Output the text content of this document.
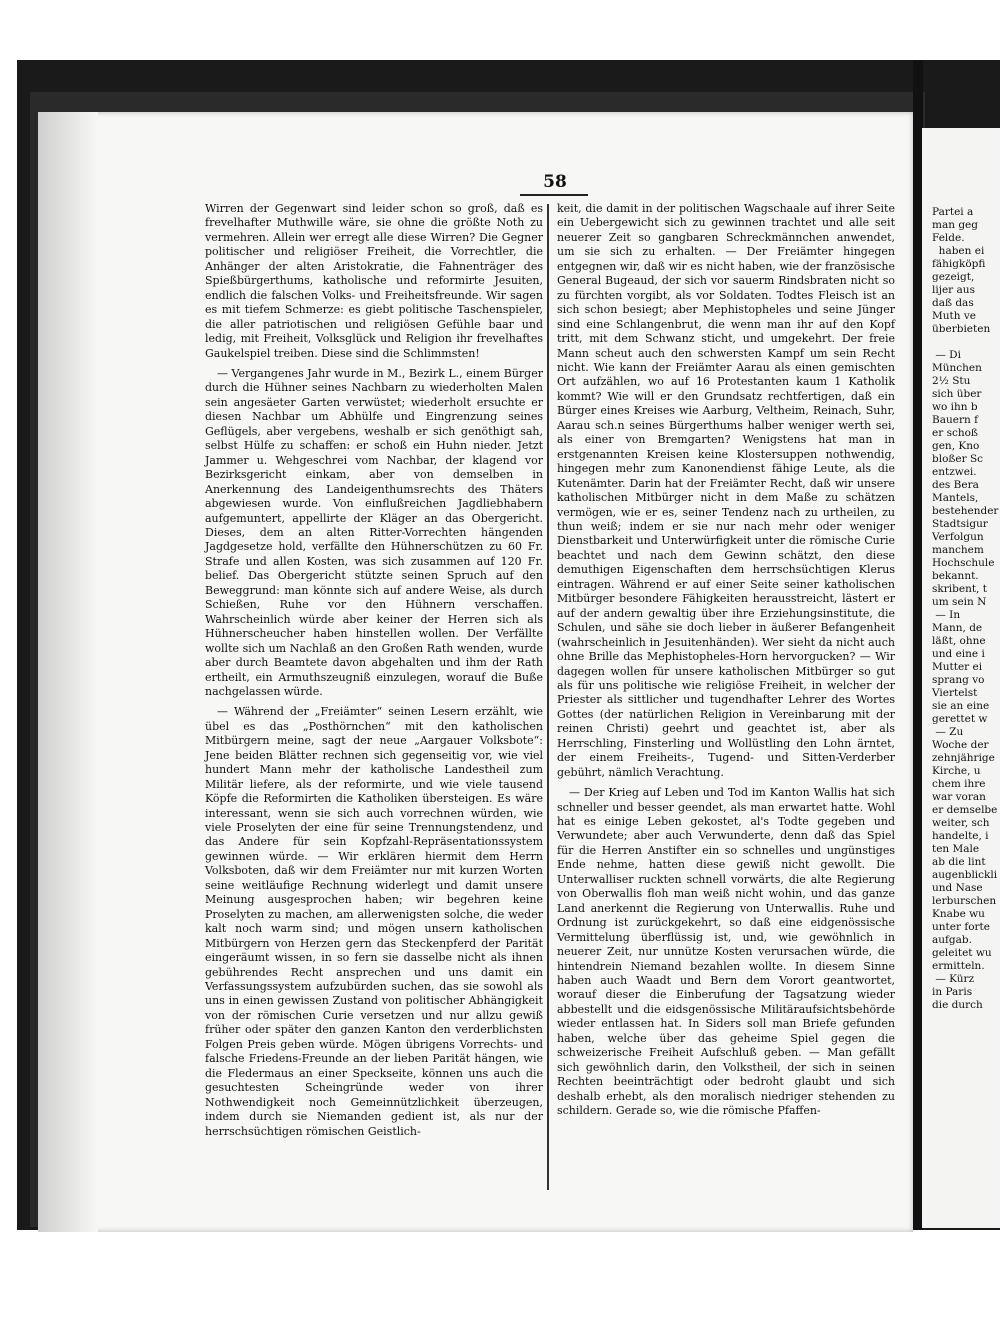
Partei a
man geg
Felde.
haben ei
fähigköpfi
gezeigt,
lijer aus
daß das
Muth ve
überbieten

— Di
München
2½ Stu
sich über
wo ihn b
Bauern f
er schoß
gen, Kno
bloßer Sc
entzwei.
des Bera
Mantels,
bestehender
Stadtsigur
Verfolgun
manchem
Hochschule
bekannt.
skribent, t
um sein N
— In
Mann, de
läßt, ohne
und eine i
Mutter ei
sprang vo
Viertelst
sie an eine
gerettet w
— Zu
Woche der
zehnjährige
Kirche, u
chem ihre
war voran
er demselbe
weiter, sch
handelte, i
ten Male
ab die lint
augenblickli
und Nase
lerburschen
Knabe wu
unter forte
aufgab.
geleitet wu
ermitteln.
— Kürz
in Paris
die durch
58

Wirren der Gegenwart sind leider schon so groß, daß es frevelhafter Muthwille wäre, sie ohne die größte Noth zu vermehren. Allein wer erregt alle diese Wirren? Die Gegner politischer und religiöser Freiheit, die Vorrechtler, die Anhänger der alten Aristokratie, die Fahnenträger des Spießbürgerthums, katholische und reformirte Jesuiten, endlich die falschen Volks- und Freiheitsfreunde. Wir sagen es mit tiefem Schmerze: es giebt politische Taschenspieler, die aller patriotischen und religiösen Gefühle baar und ledig, mit Freiheit, Volksglück und Religion ihr frevelhaftes Gaukelspiel treiben. Diese sind die Schlimmsten!

— Vergangenes Jahr wurde in M., Bezirk L., einem Bürger durch die Hühner seines Nachbarn zu wiederholten Malen sein angesäeter Garten verwüstet; wiederholt ersuchte er diesen Nachbar um Abhülfe und Eingrenzung seines Geflügels, aber vergebens, weshalb er sich genöthigt sah, selbst Hülfe zu schaffen: er schoß ein Huhn nieder. Jetzt Jammer u. Wehgeschrei vom Nachbar, der klagend vor Bezirksgericht einkam, aber von demselben in Anerkennung des Landeigenthumsrechts des Thäters abgewiesen wurde. Von einflußreichen Jagdliebhabern aufgemuntert, appellirte der Kläger an das Obergericht. Dieses, dem an alten Ritter-Vorrechten hängenden Jagdgesetze hold, verfällte den Hühnerschützen zu 60 Fr. Strafe und allen Kosten, was sich zusammen auf 120 Fr. belief. Das Obergericht stützte seinen Spruch auf den Beweggrund: man könnte sich auf andere Weise, als durch Schießen, Ruhe vor den Hühnern verschaffen. Wahrscheinlich würde aber keiner der Herren sich als Hühnerscheucher haben hinstellen wollen. Der Verfällte wollte sich um Nachlaß an den Großen Rath wenden, wurde aber durch Beamtete davon abgehalten und ihm der Rath ertheilt, ein Armuthszeugniß einzulegen, worauf die Buße nachgelassen würde.

— Während der „Freiämter“ seinen Lesern erzählt, wie übel es das „Posthörnchen“ mit den katholischen Mitbürgern meine, sagt der neue „Aargauer Volksbote“: Jene beiden Blätter rechnen sich gegenseitig vor, wie viel hundert Mann mehr der katholische Landestheil zum Militär liefere, als der reformirte, und wie viele tausend Köpfe die Reformirten die Katholiken übersteigen. Es wäre interessant, wenn sie sich auch vorrechnen würden, wie viele Proselyten der eine für seine Trennungstendenz, und das Andere für sein Kopfzahl-Repräsentationssystem gewinnen würde. — Wir erklären hiermit dem Herrn Volksboten, daß wir dem Freiämter nur mit kurzen Worten seine weitläufige Rechnung widerlegt und damit unsere Meinung ausgesprochen haben; wir begehren keine Proselyten zu machen, am allerwenigsten solche, die weder kalt noch warm sind; und mögen unsern katholischen Mitbürgern von Herzen gern das Steckenpferd der Parität eingeräumt wissen, in so fern sie dasselbe nicht als ihnen gebührendes Recht ansprechen und uns damit ein Verfassungssystem aufzubürden suchen, das sie sowohl als uns in einen gewissen Zustand von politischer Abhängigkeit von der römischen Curie versetzen und nur allzu gewiß früher oder später den ganzen Kanton den verderblichsten Folgen Preis geben würde. Mögen übrigens Vorrechts- und falsche Friedens-Freunde an der lieben Parität hängen, wie die Fledermaus an einer Speckseite, können uns auch die gesuchtesten Scheingründe weder von ihrer Nothwendigkeit noch Gemeinnützlichkeit überzeugen, indem durch sie Niemanden gedient ist, als nur der herrschsüchtigen römischen Geistlich-

keit, die damit in der politischen Wagschaale auf ihrer Seite ein Uebergewicht sich zu gewinnen trachtet und alle seit neuerer Zeit so gangbaren Schreckmännchen anwendet, um sie sich zu erhalten. — Der Freiämter hingegen entgegnen wir, daß wir es nicht haben, wie der französische General Bugeaud, der sich vor sauerm Rindsbraten nicht so zu fürchten vorgibt, als vor Soldaten. Todtes Fleisch ist an sich schon besiegt; aber Mephistopheles und seine Jünger sind eine Schlangenbrut, die wenn man ihr auf den Kopf tritt, mit dem Schwanz sticht, und umgekehrt. Der freie Mann scheut auch den schwersten Kampf um sein Recht nicht. Wie kann der Freiämter Aarau als einen gemischten Ort aufzählen, wo auf 16 Protestanten kaum 1 Katholik kommt? Wie will er den Grundsatz rechtfertigen, daß ein Bürger eines Kreises wie Aarburg, Veltheim, Reinach, Suhr, Aarau sch.n seines Bürgerthums halber weniger werth sei, als einer von Bremgarten? Wenigstens hat man in erstgenannten Kreisen keine Klostersuppen nothwendig, hingegen mehr zum Kanonendienst fähige Leute, als die Kutenämter. Darin hat der Freiämter Recht, daß wir unsere katholischen Mitbürger nicht in dem Maße zu schätzen vermögen, wie er es, seiner Tendenz nach zu urtheilen, zu thun weiß; indem er sie nur nach mehr oder weniger Dienstbarkeit und Unterwürfigkeit unter die römische Curie beachtet und nach dem Gewinn schätzt, den diese demuthigen Eigenschaften dem herrschsüchtigen Klerus eintragen. Während er auf einer Seite seiner katholischen Mitbürger besondere Fähigkeiten herausstreicht, lästert er auf der andern gewaltig über ihre Erziehungsinstitute, die Schulen, und sähe sie doch lieber in äußerer Befangenheit (wahrscheinlich in Jesuitenhänden). Wer sieht da nicht auch ohne Brille das Mephistopheles-Horn hervorgucken? — Wir dagegen wollen für unsere katholischen Mitbürger so gut als für uns politische wie religiöse Freiheit, in welcher der Priester als sittlicher und tugendhafter Lehrer des Wortes Gottes (der natürlichen Religion in Vereinbarung mit der reinen Christi) geehrt und geachtet ist, aber als Herrschling, Finsterling und Wollüstling den Lohn ärntet, der einem Freiheits-, Tugend- und Sitten-Verderber gebührt, nämlich Verachtung.

— Der Krieg auf Leben und Tod im Kanton Wallis hat sich schneller und besser geendet, als man erwartet hatte. Wohl hat es einige Leben gekostet, al's Todte gegeben und Verwundete; aber auch Verwunderte, denn daß das Spiel für die Herren Anstifter ein so schnelles und ungünstiges Ende nehme, hatten diese gewiß nicht gewollt. Die Unterwalliser ruckten schnell vorwärts, die alte Regierung von Oberwallis floh man weiß nicht wohin, und das ganze Land anerkennt die Regierung von Unterwallis. Ruhe und Ordnung ist zurückgekehrt, so daß eine eidgenössische Vermittelung überflüssig ist, und, wie gewöhnlich in neuerer Zeit, nur unnütze Kosten verursachen würde, die hintendrein Niemand bezahlen wollte. In diesem Sinne haben auch Waadt und Bern dem Vorort geantwortet, worauf dieser die Einberufung der Tagsatzung wieder abbestellt und die eidsgenössische Militäraufsichtsbehörde wieder entlassen hat. In Siders soll man Briefe gefunden haben, welche über das geheime Spiel gegen die schweizerische Freiheit Aufschluß geben. — Man gefällt sich gewöhnlich darin, den Volkstheil, der sich in seinen Rechten beeinträchtigt oder bedroht glaubt und sich deshalb erhebt, als den moralisch niedriger stehenden zu schildern. Gerade so, wie die römische Pfaffen-
